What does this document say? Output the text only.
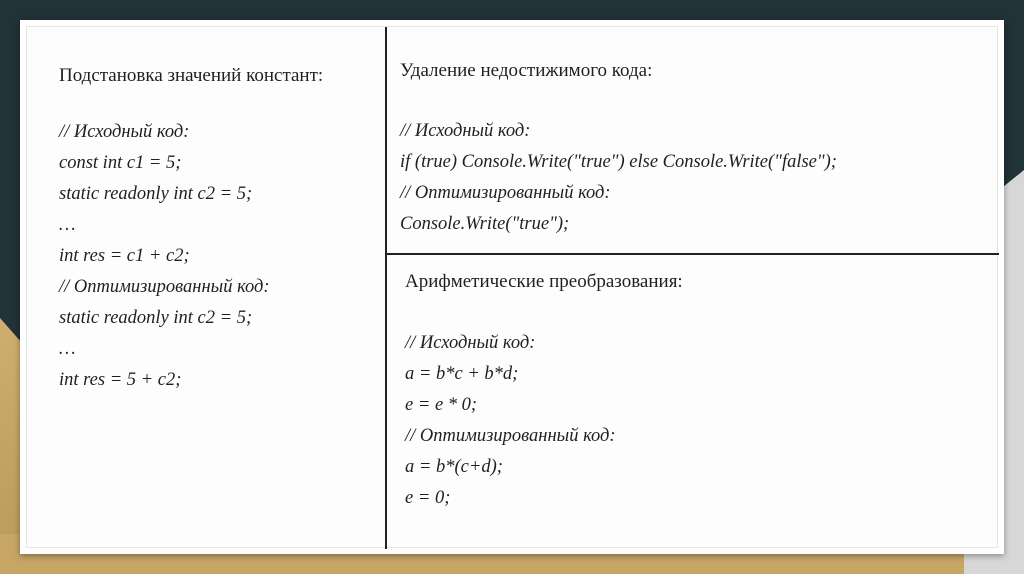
Подстановка значений констант:
// Исходный код:
const int c1 = 5;
static readonly int c2 = 5;
…
int res = c1 + c2;
// Оптимизированный код:
static readonly int c2 = 5;
…
int res = 5 + c2;
Удаление недостижимого кода:
// Исходный код:
if (true) Console.Write("true") else Console.Write("false");
// Оптимизированный код:
Console.Write("true");
Арифметические преобразования:
// Исходный код:
a = b*c + b*d;
e = e * 0;
// Оптимизированный код:
a = b*(c+d);
e = 0;
